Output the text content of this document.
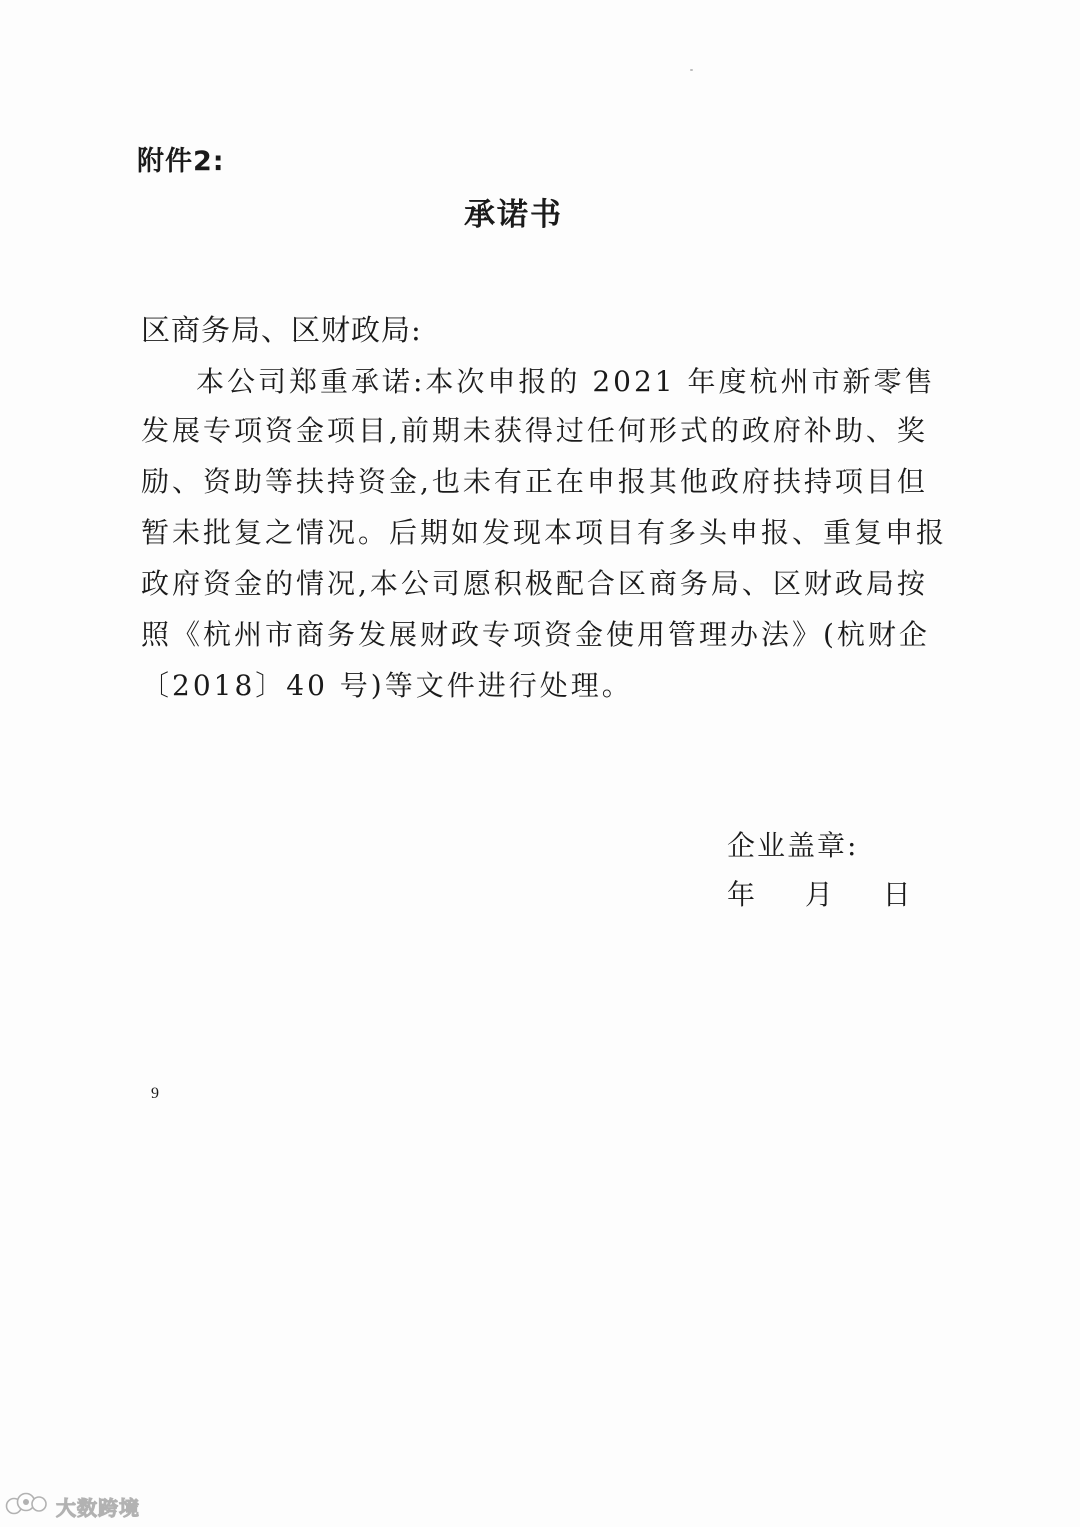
附件2:
承诺书
区商务局、区财政局:
本公司郑重承诺:本次申报的 2021 年度杭州市新零售
发展专项资金项目,前期未获得过任何形式的政府补助、奖
励、资助等扶持资金,也未有正在申报其他政府扶持项目但
暂未批复之情况。后期如发现本项目有多头申报、重复申报
政府资金的情况,本公司愿积极配合区商务局、区财政局按
照《杭州市商务发展财政专项资金使用管理办法》(杭财企
〔2018〕40 号)等文件进行处理。
企业盖章:
年 月 日
9
大数跨境
